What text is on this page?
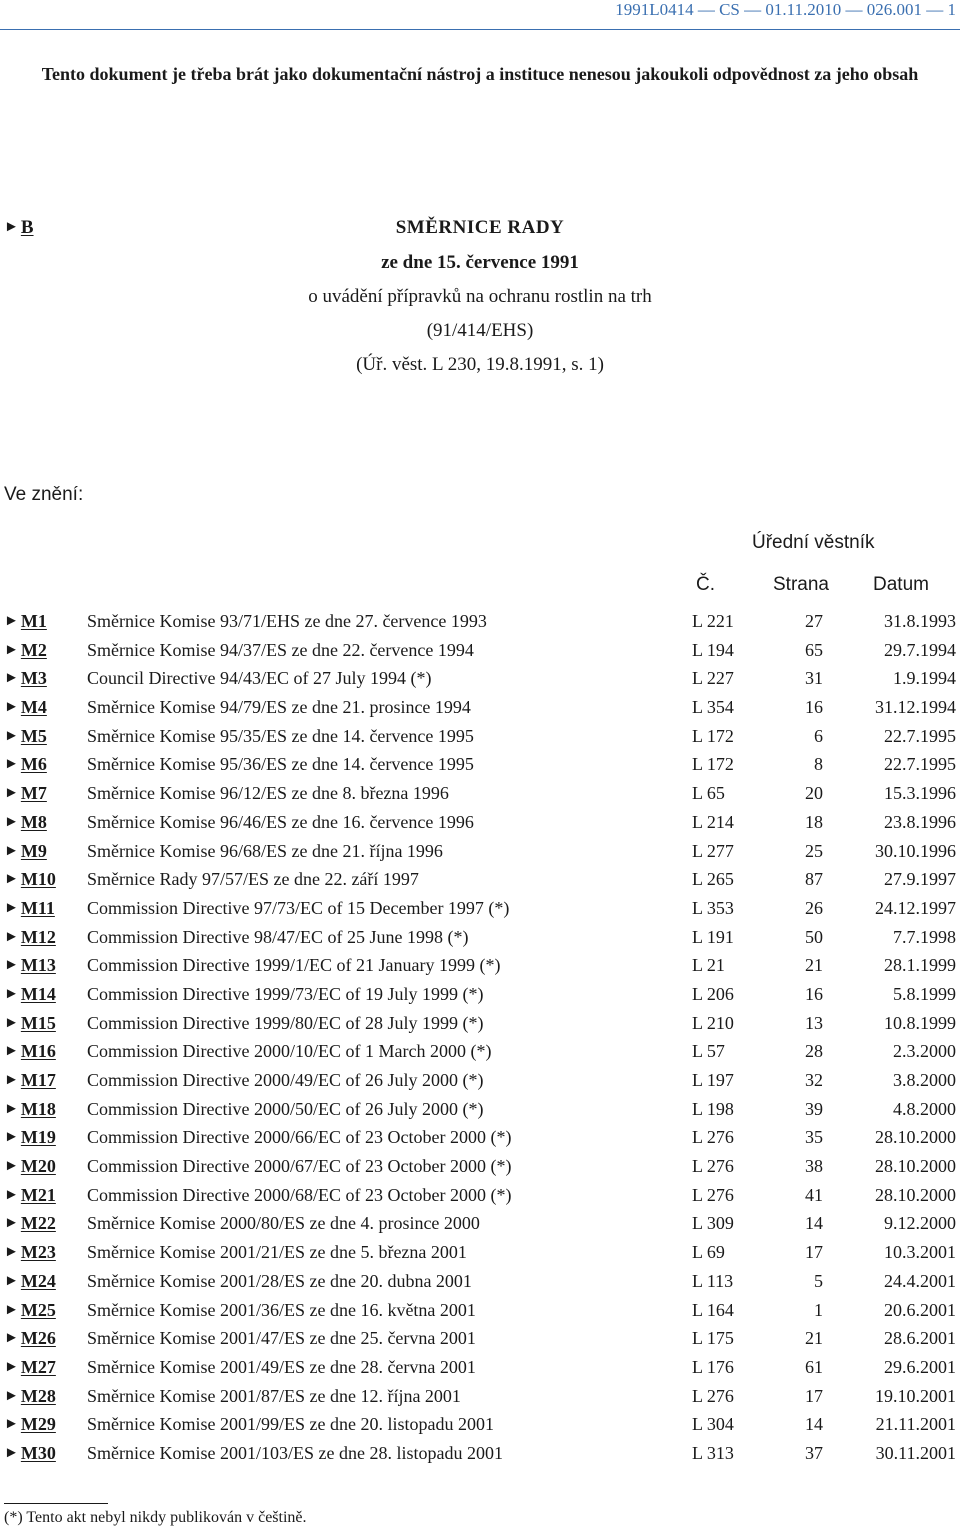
1991L0414 — CS — 01.11.2010 — 026.001 — 1
Tento dokument je třeba brát jako dokumentační nástroj a instituce nenesou jakoukoli odpovědnost za jeho obsah
► B	SMĚRNICE RADY
ze dne 15. července 1991
o uvádění přípravků na ochranu rostlin na trh
(91/414/EHS)
(Úř. věst. L 230, 19.8.1991, s. 1)
Ve znění:
Úřední věstník
Č.	Strana Datum
► M1 Směrnice Komise 93/71/EHS ze dne 27. července 1993	L 221	27	31.8.1993
► M2 Směrnice Komise 94/37/ES ze dne 22. července 1994	L 194	65	29.7.1994
► M3 Council Directive 94/43/EC of 27 July 1994 (*)	L 227	31	1.9.1994
► M4 Směrnice Komise 94/79/ES ze dne 21. prosince 1994	L 354	16	31.12.1994
► M5 Směrnice Komise 95/35/ES ze dne 14. července 1995	L 172	6	22.7.1995
► M6 Směrnice Komise 95/36/ES ze dne 14. července 1995	L 172	8	22.7.1995
► M7 Směrnice Komise 96/12/ES ze dne 8. března 1996	L 65	20	15.3.1996
► M8 Směrnice Komise 96/46/ES ze dne 16. července 1996	L 214	18	23.8.1996
► M9 Směrnice Komise 96/68/ES ze dne 21. října 1996	L 277	25	30.10.1996
► M10 Směrnice Rady 97/57/ES ze dne 22. září 1997	L 265	87	27.9.1997
► M11 Commission Directive 97/73/EC of 15 December 1997 (*)	L 353	26	24.12.1997
► M12 Commission Directive 98/47/EC of 25 June 1998 (*)	L 191	50	7.7.1998
► M13 Commission Directive 1999/1/EC of 21 January 1999 (*)	L 21	21	28.1.1999
► M14 Commission Directive 1999/73/EC of 19 July 1999 (*)	L 206	16	5.8.1999
► M15 Commission Directive 1999/80/EC of 28 July 1999 (*)	L 210	13	10.8.1999
► M16 Commission Directive 2000/10/EC of 1 March 2000 (*)	L 57	28	2.3.2000
► M17 Commission Directive 2000/49/EC of 26 July 2000 (*)	L 197	32	3.8.2000
► M18 Commission Directive 2000/50/EC of 26 July 2000 (*)	L 198	39	4.8.2000
► M19 Commission Directive 2000/66/EC of 23 October 2000 (*)	L 276	35	28.10.2000
► M20 Commission Directive 2000/67/EC of 23 October 2000 (*)	L 276	38	28.10.2000
► M21 Commission Directive 2000/68/EC of 23 October 2000 (*)	L 276	41	28.10.2000
► M22 Směrnice Komise 2000/80/ES ze dne 4. prosince 2000	L 309	14	9.12.2000
► M23 Směrnice Komise 2001/21/ES ze dne 5. března 2001	L 69	17	10.3.2001
► M24 Směrnice Komise 2001/28/ES ze dne 20. dubna 2001	L 113	5	24.4.2001
► M25 Směrnice Komise 2001/36/ES ze dne 16. května 2001	L 164	1	20.6.2001
► M26 Směrnice Komise 2001/47/ES ze dne 25. června 2001	L 175	21	28.6.2001
► M27 Směrnice Komise 2001/49/ES ze dne 28. června 2001	L 176	61	29.6.2001
► M28 Směrnice Komise 2001/87/ES ze dne 12. října 2001	L 276	17	19.10.2001
► M29 Směrnice Komise 2001/99/ES ze dne 20. listopadu 2001	L 304	14	21.11.2001
► M30 Směrnice Komise 2001/103/ES ze dne 28. listopadu 2001	L 313	37	30.11.2001
(*) Tento akt nebyl nikdy publikován v češtině.
